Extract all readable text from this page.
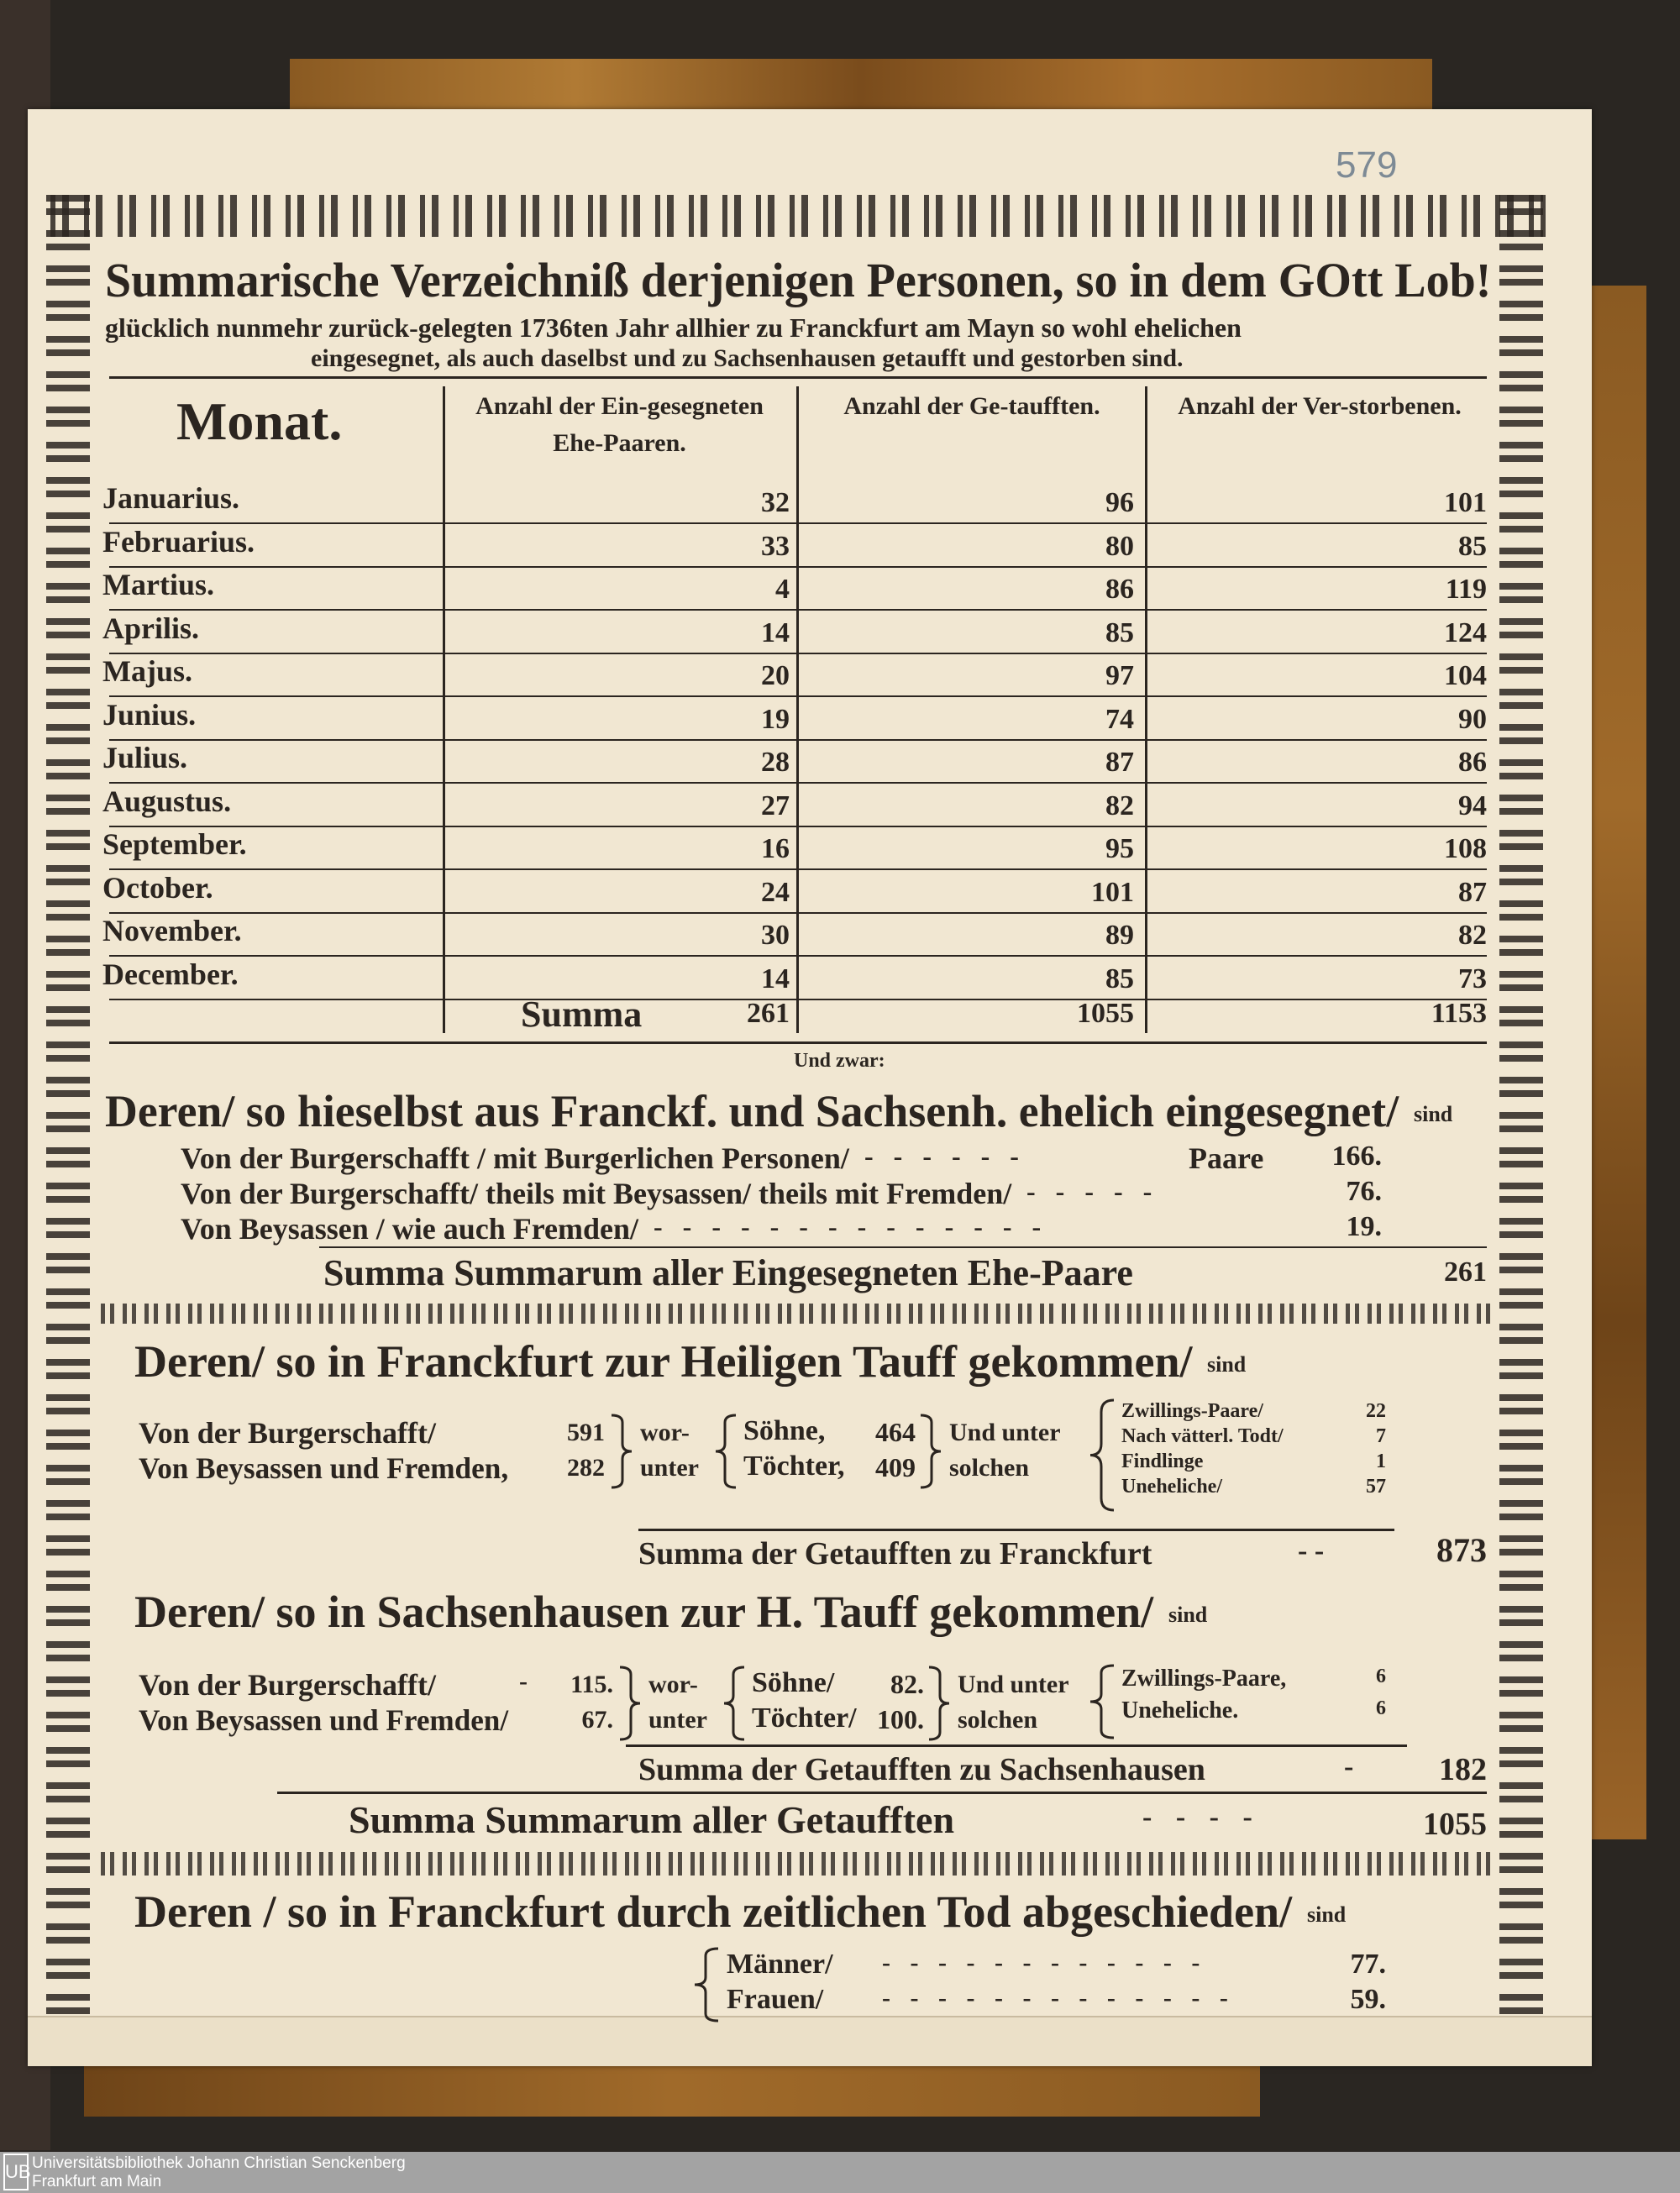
579
Summarische Verzeichniß derjenigen Personen, so in dem GOtt Lob!
glücklich nunmehr zurück-gelegten 1736ten Jahr allhier zu Franckfurt am Mayn so wohl ehelichen
eingesegnet, als auch daselbst und zu Sachsenhausen getaufft und gestorben sind.
Monat.	Anzahl der Ein-gesegneten Ehe-Paaren.
Anzahl der Ge-taufften.	Anzahl der Ver-storbenen.
Januarius.	32	96	101
Februarius.	33	80	85
Martius.	4	86	119
Aprilis.	14	85	124
Majus.	20	97	104
Junius.	19	74	90
Julius.	28	87	86
Augustus.	27	82	94
September.	16	95	108
October.	24	101	87
November.	30	89	82
December.	14	85	73
Summa	261	1055	1153
Und zwar:
Deren/ so hieselbst aus Franckf. und Sachsenh. ehelich eingesegnet/ sind
Von der Burgerschafft / mit Burgerlichen Personen/ - - - - - -	Paare	166.
Von der Burgerschafft/ theils mit Beysassen/ theils mit Fremden/ - - - - -	76.
Von Beysassen / wie auch Fremden/ - - - - - - - - - - - - - -	19.
Summa Summarum aller Eingesegneten Ehe-Paare	261
Deren/ so in Franckfurt zur Heiligen Tauff gekommen/ sind
Von der Burgerschafft/	591
Von Beysassen und Fremden,	282
wor-
unter
Söhne,	464
Töchter,	409
Und unter
solchen
Zwillings-Paare/	22
Nach vätterl. Todt/	7
Findlinge	1
Uneheliche/	57
Summa der Getaufften zu Franckfurt	- -	873
Deren/ so in Sachsenhausen zur H. Tauff gekommen/ sind
Von der Burgerschafft/	-	115.
Von Beysassen und Fremden/	67.
wor-
unter
Söhne/	82.
Töchter/ 100.
Und unter
solchen
Zwillings-Paare,	6
Uneheliche.	6
Summa der Getaufften zu Sachsenhausen	-	182
Summa Summarum aller Getaufften	- - - -	1055
Deren / so in Franckfurt durch zeitlichen Tod abgeschieden/ sind
Männer/ - - - - - - - - - - - -	77.
Frauen/ - - - - - - - - - - - - -	59.
UB Universitätsbibliothek Johann Christian Senckenberg
Frankfurt am Main
